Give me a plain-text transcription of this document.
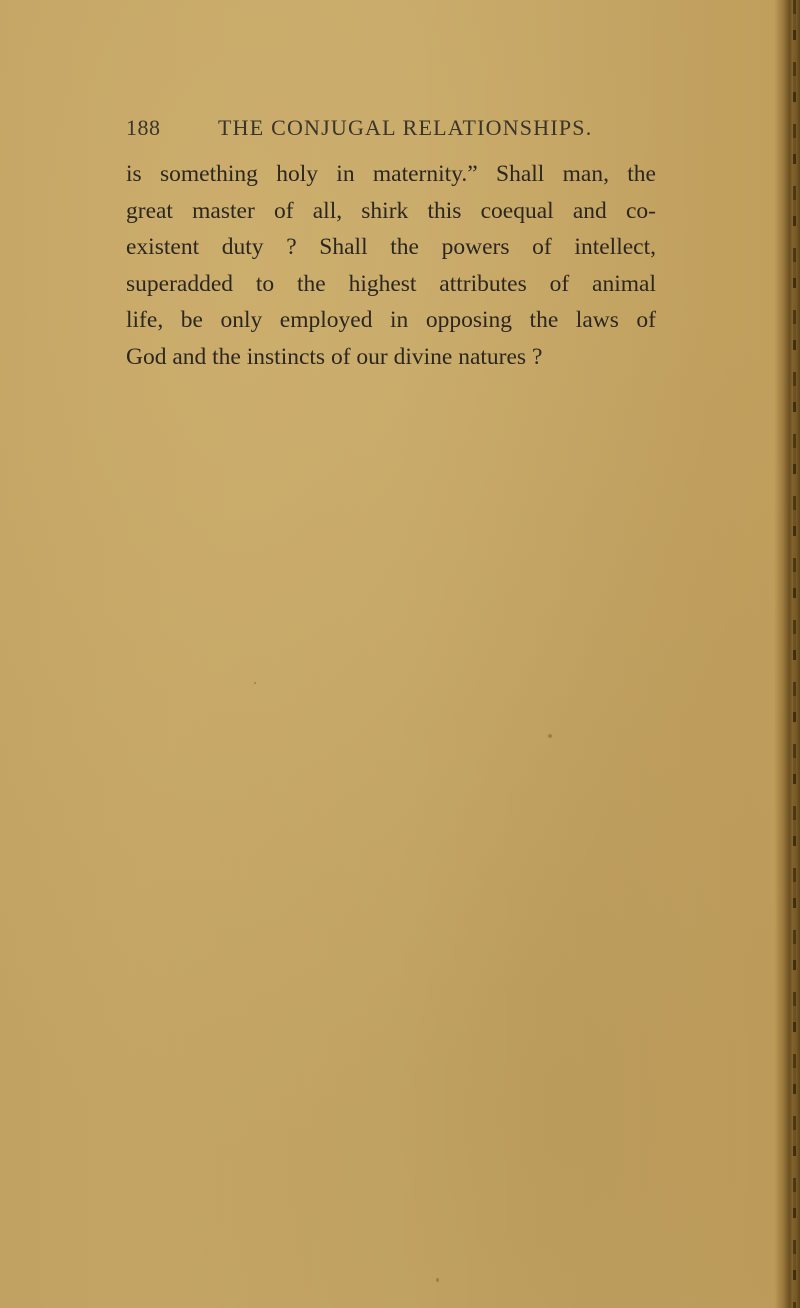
188	THE CONJUGAL RELATIONSHIPS.
is something holy in maternity.” Shall man, the
great master of all, shirk this coequal and co-
existent duty ? Shall the powers of intellect,
superadded to the highest attributes of animal
life, be only employed in opposing the laws of
God and the instincts of our divine natures ?
